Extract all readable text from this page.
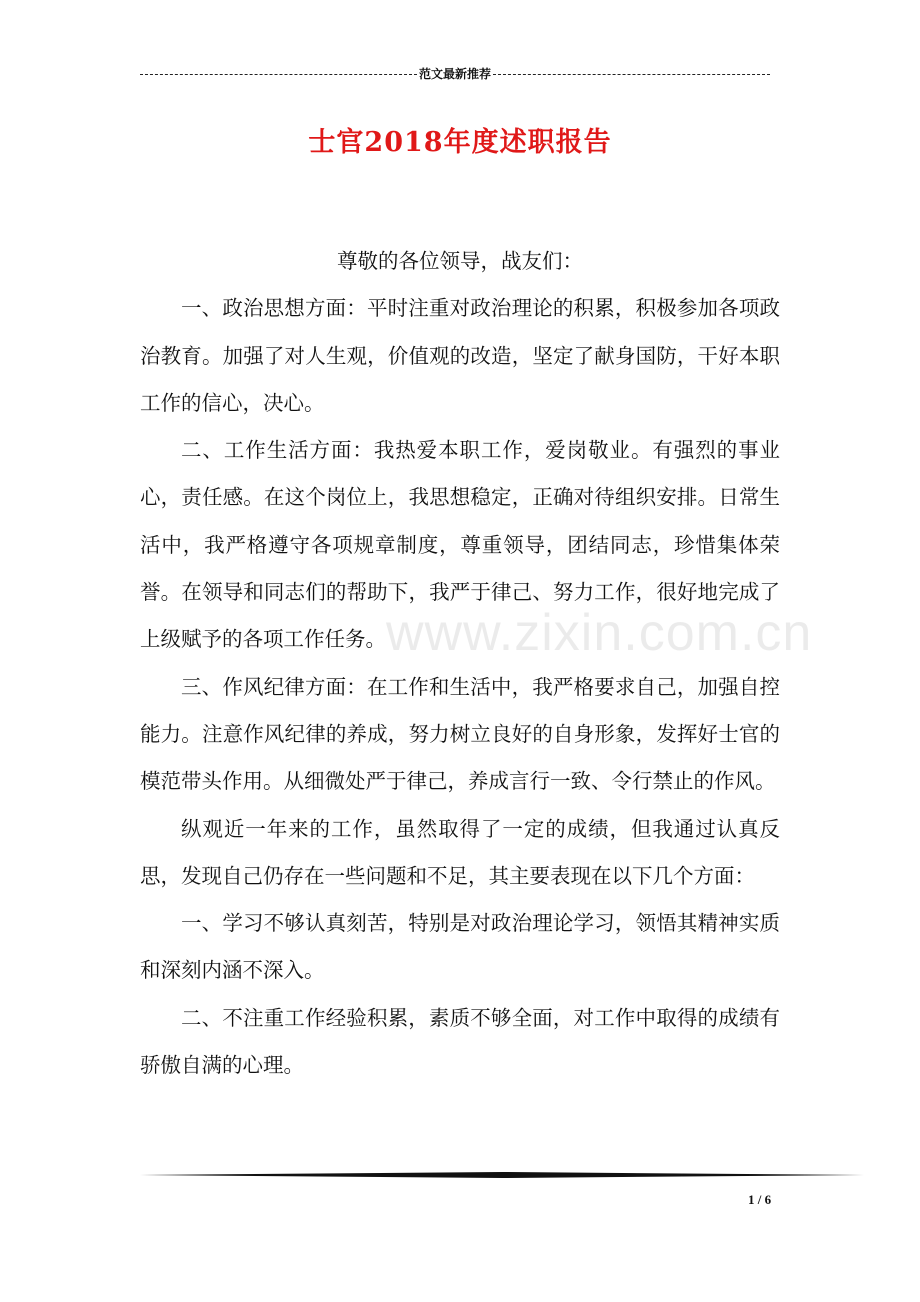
范文最新推荐
士官2018年度述职报告

尊敬的各位领导，战友们：

一、政治思想方面：平时注重对政治理论的积累，积极参加各项政治教育。加强了对人生观，价值观的改造，坚定了献身国防，干好本职工作的信心，决心。

二、工作生活方面：我热爱本职工作，爱岗敬业。有强烈的事业心，责任感。在这个岗位上，我思想稳定，正确对待组织安排。日常生活中，我严格遵守各项规章制度，尊重领导，团结同志，珍惜集体荣誉。在领导和同志们的帮助下，我严于律己、努力工作，很好地完成了上级赋予的各项工作任务。

三、作风纪律方面：在工作和生活中，我严格要求自己，加强自控能力。注意作风纪律的养成，努力树立良好的自身形象，发挥好士官的模范带头作用。从细微处严于律己，养成言行一致、令行禁止的作风。

纵观近一年来的工作，虽然取得了一定的成绩，但我通过认真反思，发现自己仍存在一些问题和不足，其主要表现在以下几个方面：

一、学习不够认真刻苦，特别是对政治理论学习，领悟其精神实质和深刻内涵不深入。

二、不注重工作经验积累，素质不够全面，对工作中取得的成绩有骄傲自满的心理。

www.zixin.com.cn
1 / 6
